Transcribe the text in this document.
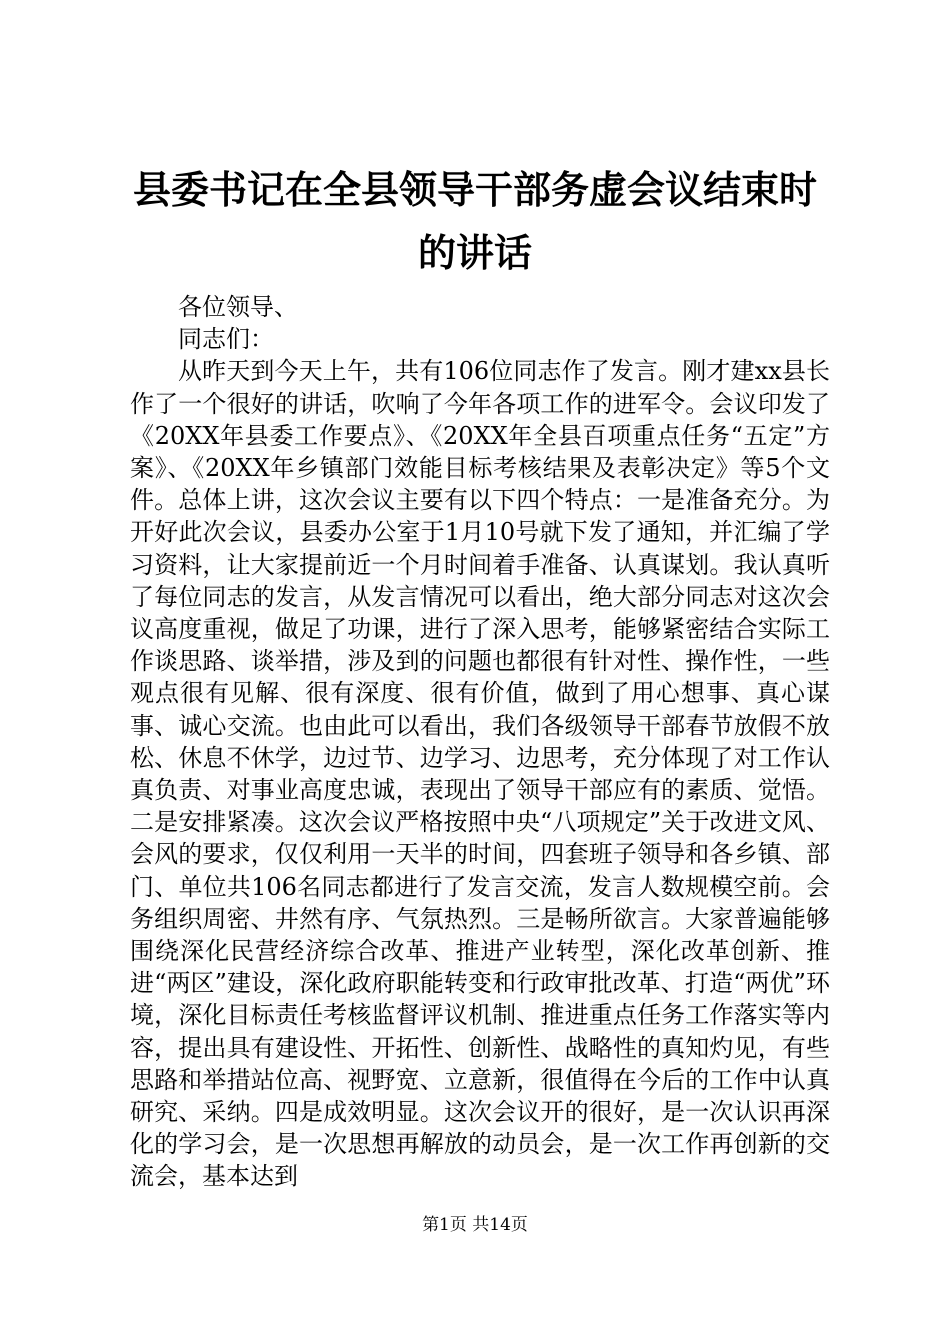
县委书记在全县领导干部务虚会议结束时的讲话

各位领导、

同志们：

从昨天到今天上午，共有106位同志作了发言。刚才建xx县长作了一个很好的讲话，吹响了今年各项工作的进军令。会议印发了《20XX年县委工作要点》、《20XX年全县百项重点任务“五定”方案》、《20XX年乡镇部门效能目标考核结果及表彰决定》等5个文件。总体上讲，这次会议主要有以下四个特点：一是准备充分。为开好此次会议，县委办公室于1月10号就下发了通知，并汇编了学习资料，让大家提前近一个月时间着手准备、认真谋划。我认真听了每位同志的发言，从发言情况可以看出，绝大部分同志对这次会议高度重视，做足了功课，进行了深入思考，能够紧密结合实际工作谈思路、谈举措，涉及到的问题也都很有针对性、操作性，一些观点很有见解、很有深度、很有价值，做到了用心想事、真心谋事、诚心交流。也由此可以看出，我们各级领导干部春节放假不放松、休息不休学，边过节、边学习、边思考，充分体现了对工作认真负责、对事业高度忠诚，表现出了领导干部应有的素质、觉悟。二是安排紧凑。这次会议严格按照中央“八项规定”关于改进文风、会风的要求，仅仅利用一天半的时间，四套班子领导和各乡镇、部门、单位共106名同志都进行了发言交流，发言人数规模空前。会务组织周密、井然有序、气氛热烈。三是畅所欲言。大家普遍能够围绕深化民营经济综合改革、推进产业转型，深化改革创新、推进“两区”建设，深化政府职能转变和行政审批改革、打造“两优”环境，深化目标责任考核监督评议机制、推进重点任务工作落实等内容，提出具有建设性、开拓性、创新性、战略性的真知灼见，有些思路和举措站位高、视野宽、立意新，很值得在今后的工作中认真研究、采纳。四是成效明显。这次会议开的很好，是一次认识再深化的学习会，是一次思想再解放的动员会，是一次工作再创新的交流会，基本达到

第1页 共14页
